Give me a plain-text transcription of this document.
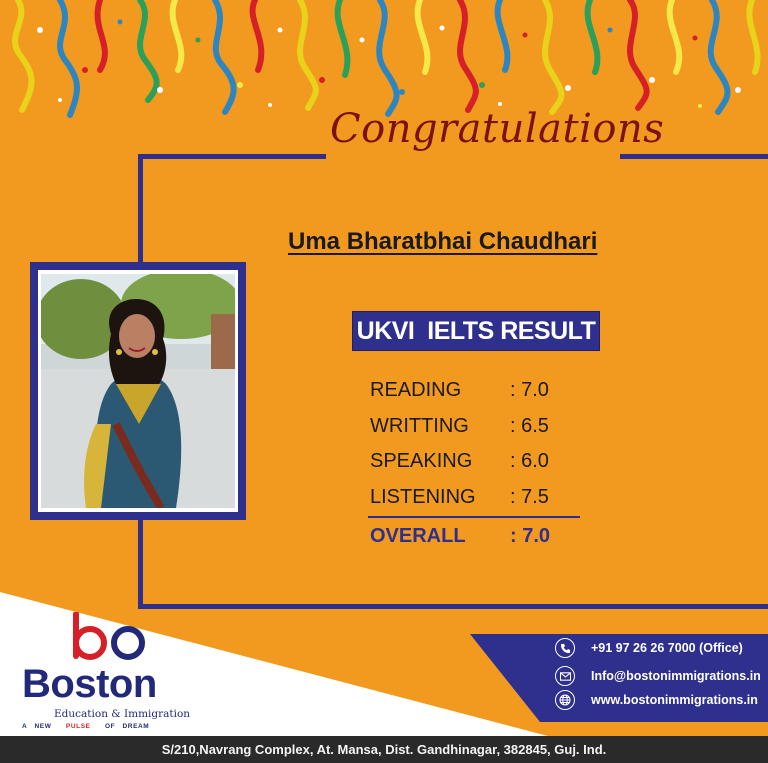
Congratulations
Uma Bharatbhai Chaudhari
UKVI  IELTS RESULT
READING : 7.0
WRITTING : 6.5
SPEAKING : 6.0
LISTENING : 7.5
OVERALL : 7.0
+91 97 26 26 7000 (Office)
Info@bostonimmigrations.in
www.bostonimmigrations.in
Boston
Education & Immigration
A NEW PULSE OF DREAM
S/210,Navrang Complex, At. Mansa, Dist. Gandhinagar, 382845, Guj. Ind.
